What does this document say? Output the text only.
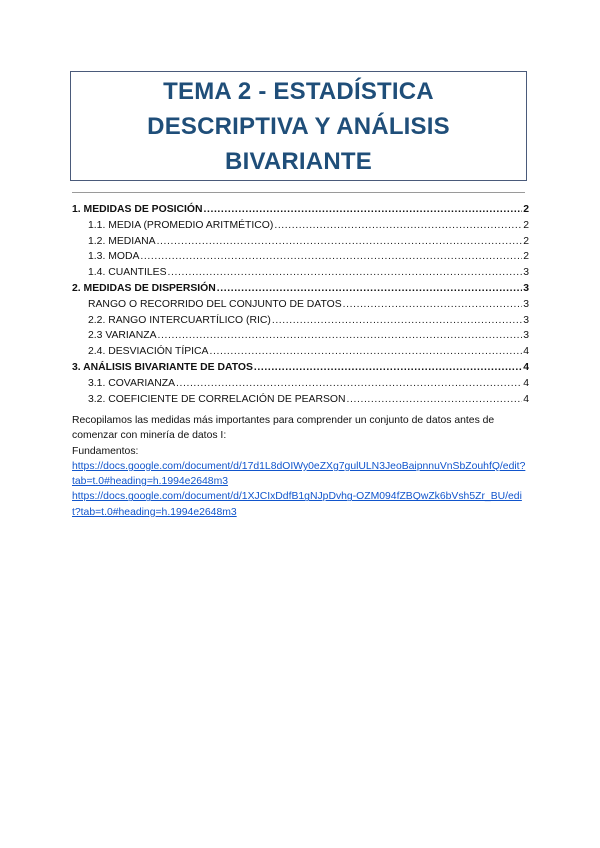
TEMA 2 - ESTADÍSTICA
DESCRIPTIVA Y ANÁLISIS
BIVARIANTE
1. MEDIDAS DE POSICIÓN .....	2
1.1. MEDIA (PROMEDIO ARITMÉTICO) .....	2
1.2. MEDIANA .....	2
1.3. MODA .....	2
1.4. CUANTILES .....	3
2. MEDIDAS DE DISPERSIÓN .....	3
RANGO O RECORRIDO DEL CONJUNTO DE DATOS .....	3
2.2. RANGO INTERCUARTÍLICO (RIC) .....	3
2.3 VARIANZA .....	3
2.4. DESVIACIÓN TÍPICA .....	4
3. ANÁLISIS BIVARIANTE DE DATOS .....	4
3.1. COVARIANZA .....	4
3.2. COEFICIENTE DE CORRELACIÓN DE PEARSON .....	4

Recopilamos las medidas más importantes para comprender un conjunto de datos antes de comenzar con minería de datos I:

Fundamentos:

https://docs.google.com/document/d/17d1L8dOIWy0eZXg7gulULN3JeoBaipnnuVnSbZouhfQ/edit?tab=t.0#heading=h.1994e2648m3
https://docs.google.com/document/d/1XJCIxDdfB1gNJpDvhg-OZM094fZBQwZk6bVsh5Zr_BU/edit?tab=t.0#heading=h.1994e2648m3
